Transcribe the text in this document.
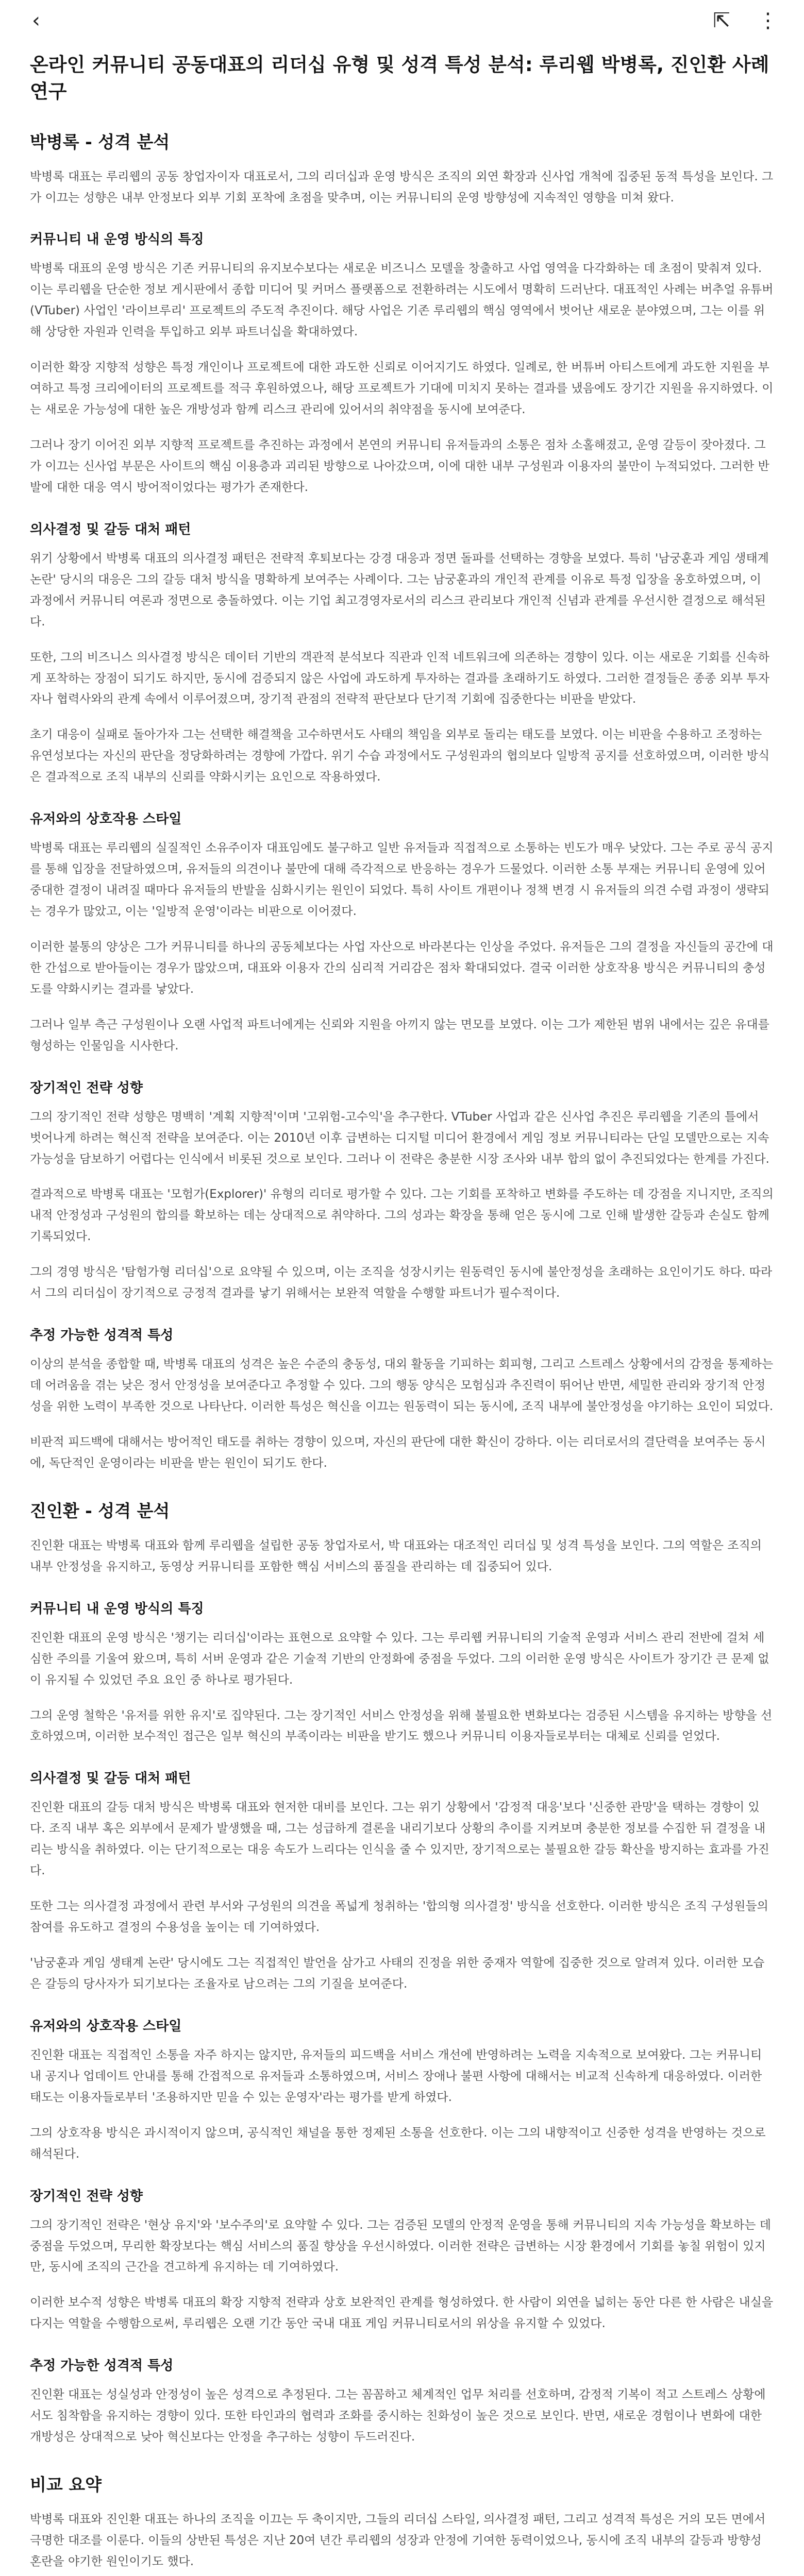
‹	⇱	⋮
온라인 커뮤니티 공동대표의 리더십 유형 및 성격 특성 분석: 루리웹 박병록, 진인환 사례 연구
박병록 - 성격 분석

박병록 대표는 루리웹의 공동 창업자이자 대표로서, 그의 리더십과 운영 방식은 조직의 외연 확장과 신사업 개척에 집중된 동적 특성을 보인다. 그가 이끄는 성향은 내부 안정보다 외부 기회 포착에 초점을 맞추며, 이는 커뮤니티의 운영 방향성에 지속적인 영향을 미쳐 왔다.

커뮤니티 내 운영 방식의 특징

박병록 대표의 운영 방식은 기존 커뮤니티의 유지보수보다는 새로운 비즈니스 모델을 창출하고 사업 영역을 다각화하는 데 초점이 맞춰져 있다. 이는 루리웹을 단순한 정보 게시판에서 종합 미디어 및 커머스 플랫폼으로 전환하려는 시도에서 명확히 드러난다. 대표적인 사례는 버추얼 유튜버(VTuber) 사업인 '라이브루리' 프로젝트의 주도적 추진이다. 해당 사업은 기존 루리웹의 핵심 영역에서 벗어난 새로운 분야였으며, 그는 이를 위해 상당한 자원과 인력을 투입하고 외부 파트너십을 확대하였다.

이러한 확장 지향적 성향은 특정 개인이나 프로젝트에 대한 과도한 신뢰로 이어지기도 하였다. 일례로, 한 버튜버 아티스트에게 과도한 지원을 부여하고 특정 크리에이터의 프로젝트를 적극 후원하였으나, 해당 프로젝트가 기대에 미치지 못하는 결과를 냈음에도 장기간 지원을 유지하였다. 이는 새로운 가능성에 대한 높은 개방성과 함께 리스크 관리에 있어서의 취약점을 동시에 보여준다.

그러나 장기 이어진 외부 지향적 프로젝트를 추진하는 과정에서 본연의 커뮤니티 유저들과의 소통은 점차 소홀해졌고, 운영 갈등이 잦아졌다. 그가 이끄는 신사업 부문은 사이트의 핵심 이용층과 괴리된 방향으로 나아갔으며, 이에 대한 내부 구성원과 이용자의 불만이 누적되었다. 그러한 반발에 대한 대응 역시 방어적이었다는 평가가 존재한다.

의사결정 및 갈등 대처 패턴

위기 상황에서 박병록 대표의 의사결정 패턴은 전략적 후퇴보다는 강경 대응과 정면 돌파를 선택하는 경향을 보였다. 특히 '남궁훈과 게임 생태계 논란' 당시의 대응은 그의 갈등 대처 방식을 명확하게 보여주는 사례이다. 그는 남궁훈과의 개인적 관계를 이유로 특정 입장을 옹호하였으며, 이 과정에서 커뮤니티 여론과 정면으로 충돌하였다. 이는 기업 최고경영자로서의 리스크 관리보다 개인적 신념과 관계를 우선시한 결정으로 해석된다.

또한, 그의 비즈니스 의사결정 방식은 데이터 기반의 객관적 분석보다 직관과 인적 네트워크에 의존하는 경향이 있다. 이는 새로운 기회를 신속하게 포착하는 장점이 되기도 하지만, 동시에 검증되지 않은 사업에 과도하게 투자하는 결과를 초래하기도 하였다. 그러한 결정들은 종종 외부 투자자나 협력사와의 관계 속에서 이루어졌으며, 장기적 관점의 전략적 판단보다 단기적 기회에 집중한다는 비판을 받았다.

초기 대응이 실패로 돌아가자 그는 선택한 해결책을 고수하면서도 사태의 책임을 외부로 돌리는 태도를 보였다. 이는 비판을 수용하고 조정하는 유연성보다는 자신의 판단을 정당화하려는 경향에 가깝다. 위기 수습 과정에서도 구성원과의 협의보다 일방적 공지를 선호하였으며, 이러한 방식은 결과적으로 조직 내부의 신뢰를 약화시키는 요인으로 작용하였다.

유저와의 상호작용 스타일

박병록 대표는 루리웹의 실질적인 소유주이자 대표임에도 불구하고 일반 유저들과 직접적으로 소통하는 빈도가 매우 낮았다. 그는 주로 공식 공지를 통해 입장을 전달하였으며, 유저들의 의견이나 불만에 대해 즉각적으로 반응하는 경우가 드물었다. 이러한 소통 부재는 커뮤니티 운영에 있어 중대한 결정이 내려질 때마다 유저들의 반발을 심화시키는 원인이 되었다. 특히 사이트 개편이나 정책 변경 시 유저들의 의견 수렴 과정이 생략되는 경우가 많았고, 이는 '일방적 운영'이라는 비판으로 이어졌다.

이러한 불통의 양상은 그가 커뮤니티를 하나의 공동체보다는 사업 자산으로 바라본다는 인상을 주었다. 유저들은 그의 결정을 자신들의 공간에 대한 간섭으로 받아들이는 경우가 많았으며, 대표와 이용자 간의 심리적 거리감은 점차 확대되었다. 결국 이러한 상호작용 방식은 커뮤니티의 충성도를 약화시키는 결과를 낳았다.

그러나 일부 측근 구성원이나 오랜 사업적 파트너에게는 신뢰와 지원을 아끼지 않는 면모를 보였다. 이는 그가 제한된 범위 내에서는 깊은 유대를 형성하는 인물임을 시사한다.

장기적인 전략 성향

그의 장기적인 전략 성향은 명백히 '계획 지향적'이며 '고위험-고수익'을 추구한다. VTuber 사업과 같은 신사업 추진은 루리웹을 기존의 틀에서 벗어나게 하려는 혁신적 전략을 보여준다. 이는 2010년 이후 급변하는 디지털 미디어 환경에서 게임 정보 커뮤니티라는 단일 모델만으로는 지속 가능성을 담보하기 어렵다는 인식에서 비롯된 것으로 보인다. 그러나 이 전략은 충분한 시장 조사와 내부 합의 없이 추진되었다는 한계를 가진다.

결과적으로 박병록 대표는 '모험가(Explorer)' 유형의 리더로 평가할 수 있다. 그는 기회를 포착하고 변화를 주도하는 데 강점을 지니지만, 조직의 내적 안정성과 구성원의 합의를 확보하는 데는 상대적으로 취약하다. 그의 성과는 확장을 통해 얻은 동시에 그로 인해 발생한 갈등과 손실도 함께 기록되었다.

그의 경영 방식은 '탐험가형 리더십'으로 요약될 수 있으며, 이는 조직을 성장시키는 원동력인 동시에 불안정성을 초래하는 요인이기도 하다. 따라서 그의 리더십이 장기적으로 긍정적 결과를 낳기 위해서는 보완적 역할을 수행할 파트너가 필수적이다.

추정 가능한 성격적 특성

이상의 분석을 종합할 때, 박병록 대표의 성격은 높은 수준의 충동성, 대외 활동을 기피하는 회피형, 그리고 스트레스 상황에서의 감정을 통제하는 데 어려움을 겪는 낮은 정서 안정성을 보여준다고 추정할 수 있다. 그의 행동 양식은 모험심과 추진력이 뛰어난 반면, 세밀한 관리와 장기적 안정성을 위한 노력이 부족한 것으로 나타난다. 이러한 특성은 혁신을 이끄는 원동력이 되는 동시에, 조직 내부에 불안정성을 야기하는 요인이 되었다.

비판적 피드백에 대해서는 방어적인 태도를 취하는 경향이 있으며, 자신의 판단에 대한 확신이 강하다. 이는 리더로서의 결단력을 보여주는 동시에, 독단적인 운영이라는 비판을 받는 원인이 되기도 한다.

진인환 - 성격 분석

진인환 대표는 박병록 대표와 함께 루리웹을 설립한 공동 창업자로서, 박 대표와는 대조적인 리더십 및 성격 특성을 보인다. 그의 역할은 조직의 내부 안정성을 유지하고, 동영상 커뮤니티를 포함한 핵심 서비스의 품질을 관리하는 데 집중되어 있다.

커뮤니티 내 운영 방식의 특징

진인환 대표의 운영 방식은 '챙기는 리더십'이라는 표현으로 요약할 수 있다. 그는 루리웹 커뮤니티의 기술적 운영과 서비스 관리 전반에 걸쳐 세심한 주의를 기울여 왔으며, 특히 서버 운영과 같은 기술적 기반의 안정화에 중점을 두었다. 그의 이러한 운영 방식은 사이트가 장기간 큰 문제 없이 유지될 수 있었던 주요 요인 중 하나로 평가된다.

그의 운영 철학은 '유저를 위한 유지'로 집약된다. 그는 장기적인 서비스 안정성을 위해 불필요한 변화보다는 검증된 시스템을 유지하는 방향을 선호하였으며, 이러한 보수적인 접근은 일부 혁신의 부족이라는 비판을 받기도 했으나 커뮤니티 이용자들로부터는 대체로 신뢰를 얻었다.

의사결정 및 갈등 대처 패턴

진인환 대표의 갈등 대처 방식은 박병록 대표와 현저한 대비를 보인다. 그는 위기 상황에서 '감정적 대응'보다 '신중한 관망'을 택하는 경향이 있다. 조직 내부 혹은 외부에서 문제가 발생했을 때, 그는 성급하게 결론을 내리기보다 상황의 추이를 지켜보며 충분한 정보를 수집한 뒤 결정을 내리는 방식을 취하였다. 이는 단기적으로는 대응 속도가 느리다는 인식을 줄 수 있지만, 장기적으로는 불필요한 갈등 확산을 방지하는 효과를 가진다.

또한 그는 의사결정 과정에서 관련 부서와 구성원의 의견을 폭넓게 청취하는 '합의형 의사결정' 방식을 선호한다. 이러한 방식은 조직 구성원들의 참여를 유도하고 결정의 수용성을 높이는 데 기여하였다.

'남궁훈과 게임 생태계 논란' 당시에도 그는 직접적인 발언을 삼가고 사태의 진정을 위한 중재자 역할에 집중한 것으로 알려져 있다. 이러한 모습은 갈등의 당사자가 되기보다는 조율자로 남으려는 그의 기질을 보여준다.

유저와의 상호작용 스타일

진인환 대표는 직접적인 소통을 자주 하지는 않지만, 유저들의 피드백을 서비스 개선에 반영하려는 노력을 지속적으로 보여왔다. 그는 커뮤니티 내 공지나 업데이트 안내를 통해 간접적으로 유저들과 소통하였으며, 서비스 장애나 불편 사항에 대해서는 비교적 신속하게 대응하였다. 이러한 태도는 이용자들로부터 '조용하지만 믿을 수 있는 운영자'라는 평가를 받게 하였다.

그의 상호작용 방식은 과시적이지 않으며, 공식적인 채널을 통한 정제된 소통을 선호한다. 이는 그의 내향적이고 신중한 성격을 반영하는 것으로 해석된다.

장기적인 전략 성향

그의 장기적인 전략은 '현상 유지'와 '보수주의'로 요약할 수 있다. 그는 검증된 모델의 안정적 운영을 통해 커뮤니티의 지속 가능성을 확보하는 데 중점을 두었으며, 무리한 확장보다는 핵심 서비스의 품질 향상을 우선시하였다. 이러한 전략은 급변하는 시장 환경에서 기회를 놓칠 위험이 있지만, 동시에 조직의 근간을 견고하게 유지하는 데 기여하였다.

이러한 보수적 성향은 박병록 대표의 확장 지향적 전략과 상호 보완적인 관계를 형성하였다. 한 사람이 외연을 넓히는 동안 다른 한 사람은 내실을 다지는 역할을 수행함으로써, 루리웹은 오랜 기간 동안 국내 대표 게임 커뮤니티로서의 위상을 유지할 수 있었다.

추정 가능한 성격적 특성

진인환 대표는 성실성과 안정성이 높은 성격으로 추정된다. 그는 꼼꼼하고 체계적인 업무 처리를 선호하며, 감정적 기복이 적고 스트레스 상황에서도 침착함을 유지하는 경향이 있다. 또한 타인과의 협력과 조화를 중시하는 친화성이 높은 것으로 보인다. 반면, 새로운 경험이나 변화에 대한 개방성은 상대적으로 낮아 혁신보다는 안정을 추구하는 성향이 두드러진다.

비교 요약

박병록 대표와 진인환 대표는 하나의 조직을 이끄는 두 축이지만, 그들의 리더십 스타일, 의사결정 패턴, 그리고 성격적 특성은 거의 모든 면에서 극명한 대조를 이룬다. 이들의 상반된 특성은 지난 20여 년간 루리웹의 성장과 안정에 기여한 동력이었으나, 동시에 조직 내부의 갈등과 방향성 혼란을 야기한 원인이기도 했다.
